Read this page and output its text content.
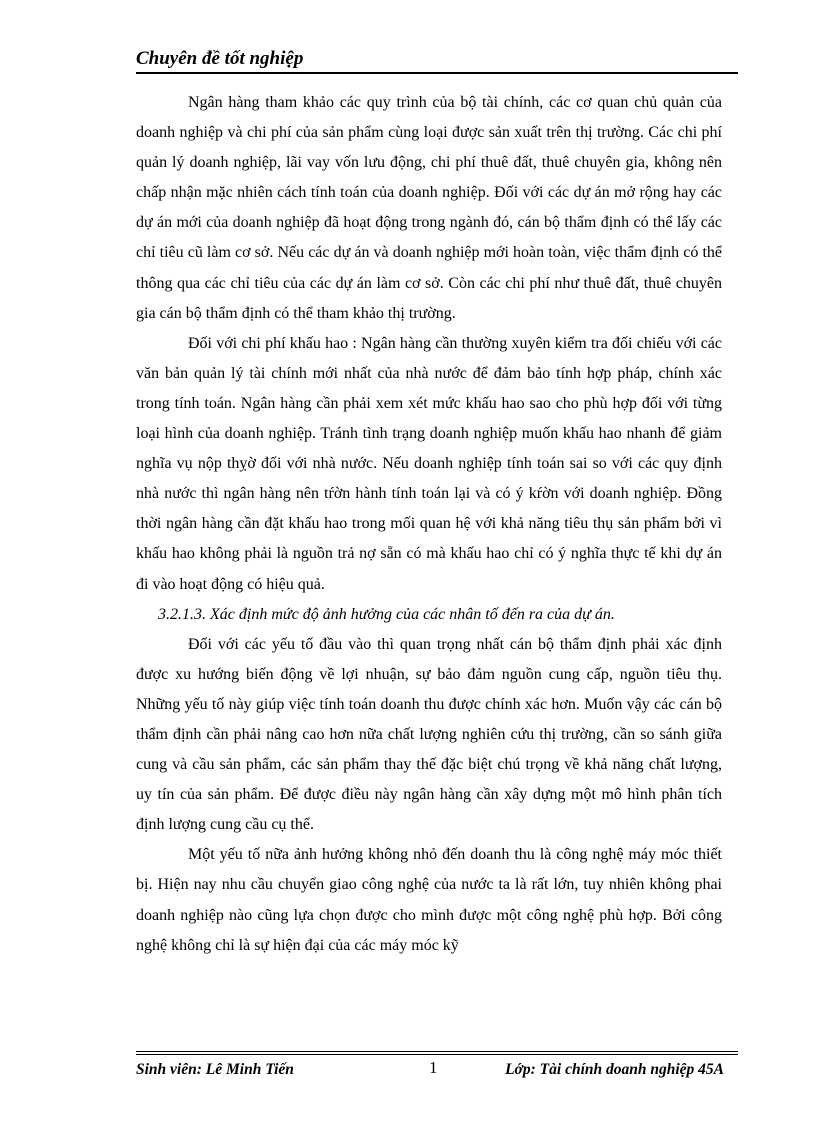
Chuyên đề tốt nghiệp

Ngân hàng tham khảo các quy trình của bộ tài chính, các cơ quan chủ quản của doanh nghiệp và chi phí của sản phẩm cùng loại được sản xuất trên thị trường. Các chi phí quản lý doanh nghiệp, lãi vay vốn lưu động, chi phí thuê đất, thuê chuyên gia, không nên chấp nhận mặc nhiên cách tính toán của doanh nghiệp. Đối với các dự án mở rộng hay các dự án mới của doanh nghiệp đã hoạt động trong ngành đó, cán bộ thẩm định có thể lấy các chỉ tiêu cũ làm cơ sở. Nếu các dự án và doanh nghiệp mới hoàn toàn, việc thẩm định có thể thông qua các chỉ tiêu của các dự án làm cơ sở. Còn các chi phí như thuê đất, thuê chuyên gia cán bộ thẩm định có thể tham khảo thị trường.

Đối với chi phí khấu hao : Ngân hàng cần thường xuyên kiểm tra đối chiếu với các văn bản quản lý tài chính mới nhất của nhà nước để đảm bảo tính hợp pháp, chính xác trong tính toán. Ngân hàng cần phải xem xét mức khấu hao sao cho phù hợp đối với từng loại hình của doanh nghiệp. Tránh tình trạng doanh nghiệp muốn khấu hao nhanh để giảm nghĩa vụ nộp thỵờ đối với nhà nước. Nếu doanh nghiệp tính toán sai so với các quy định nhà nước thì ngân hàng nên tŕờn hành tính toán lại và có ý kŕờn với doanh nghiệp. Đồng thời ngân hàng cần đặt khấu hao trong mối quan hệ với khả năng tiêu thụ sản phẩm bởi vì khấu hao không phải là nguồn trả nợ sẵn có mà khấu hao chỉ có ý nghĩa thực tế khi dự án đi vào hoạt động có hiệu quả.

3.2.1.3. Xác định mức độ ảnh hưởng của các nhân tố đến ra của dự án.

Đối với các yếu tố đầu vào thì quan trọng nhất cán bộ thẩm định phải xác định được xu hướng biến động về lợi nhuận, sự bảo đảm nguồn cung cấp, nguồn tiêu thụ. Những yếu tố này giúp việc tính toán doanh thu được chính xác hơn. Muốn vậy các cán bộ thẩm định cần phải nâng cao hơn nữa chất lượng nghiên cứu thị trường, cần so sánh giữa cung và cầu sản phẩm, các sản phẩm thay thế đặc biệt chú trọng về khả năng chất lượng, uy tín của sản phẩm. Để được điều này ngân hàng cần xây dựng một mô hình phân tích định lượng cung cầu cụ thể.

Một yếu tố nữa ảnh hưởng không nhỏ đến doanh thu là công nghệ máy móc thiết bị. Hiện nay nhu cầu chuyển giao công nghệ của nước ta là rất lớn, tuy nhiên không phai doanh nghiệp nào cũng lựa chọn được cho mình được một công nghệ phù hợp. Bởi công nghệ không chỉ là sự hiện đại của các máy móc kỹ

Sinh viên: Lê Minh Tiến	1	Lớp: Tài chính doanh nghiệp 45A
